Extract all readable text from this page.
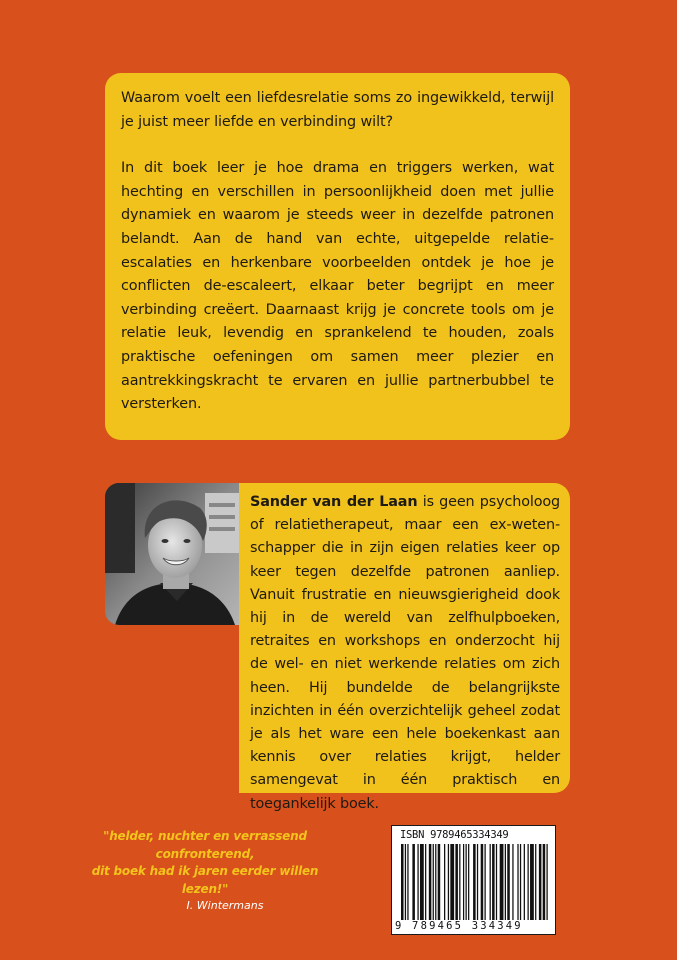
Waarom voelt een liefdesrelatie soms zo ingewikkeld, terwijl je juist meer liefde en verbinding wilt?

In dit boek leer je hoe drama en triggers werken, wat hechting en verschillen in persoonlijkheid doen met jullie dynamiek en waarom je steeds weer in dezelfde patronen belandt. Aan de hand van echte, uitgepelde relatie-escalaties en herkenbare voorbeelden ontdek je hoe je conflicten de-escaleert, elkaar beter begrijpt en meer verbinding creëert. Daarnaast krijg je concrete tools om je relatie leuk, levendig en sprankelend te houden, zoals praktische oefeningen om samen meer plezier en aantrekkingskracht te ervaren en jullie partnerbubbel te versterken.

Sander van der Laan is geen psycholoog of relatietherapeut, maar een ex-weten-schapper die in zijn eigen relaties keer op keer tegen dezelfde patronen aanliep. Vanuit frustratie en nieuwsgierigheid dook hij in de wereld van zelfhulpboeken, retraites en workshops en onderzocht hij de wel- en niet werkende relaties om zich heen. Hij bundelde de belangrijkste inzichten in één overzichtelijk geheel zodat je als het ware een hele boekenkast aan kennis over relaties krijgt, helder samengevat in één praktisch en toegankelijk boek.

"helder, nuchter en verrassend confronterend,
dit boek had ik jaren eerder willen lezen!"
I. Wintermans
ISBN 9789465334349
9 789465 334349
